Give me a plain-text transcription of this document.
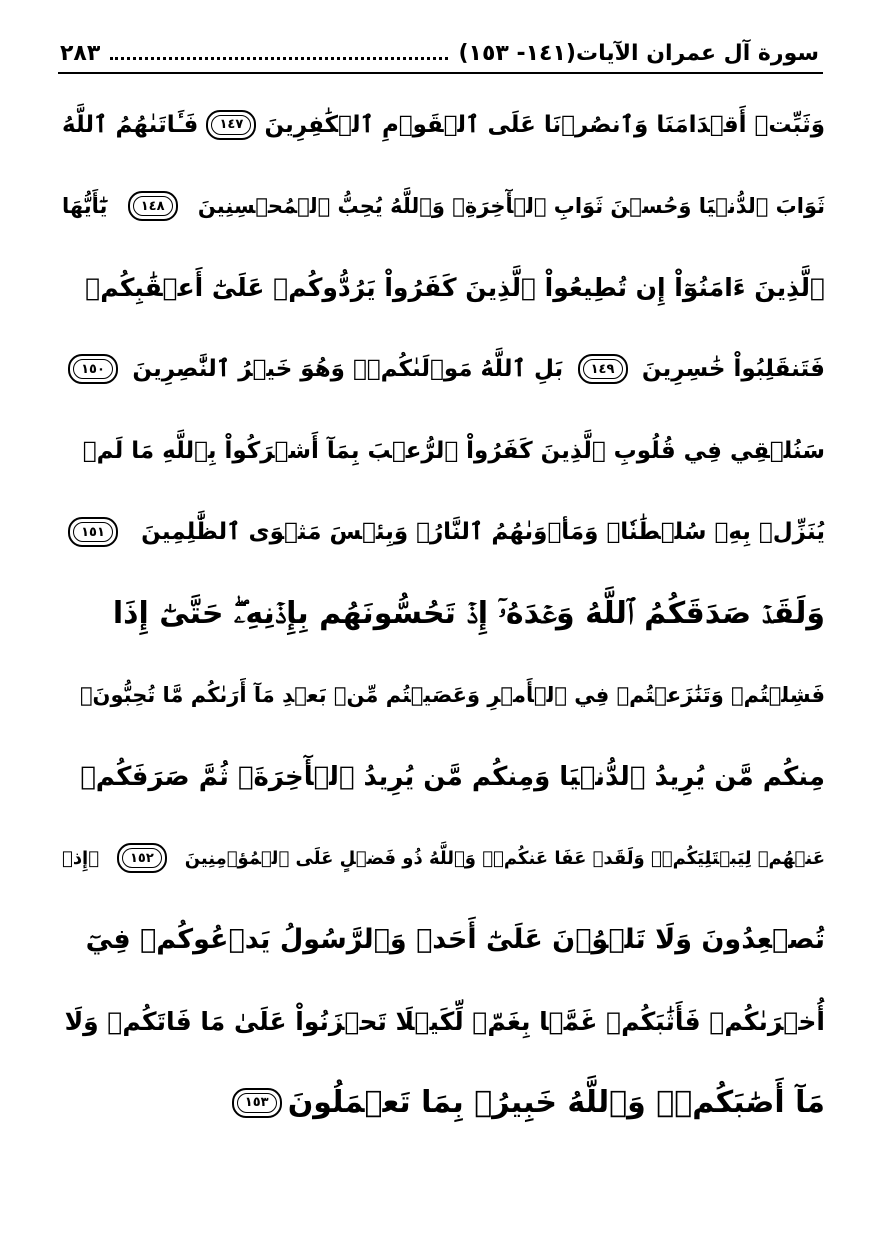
سورة آل عمران الآيات(١٤١- ١٥٣)
٢٨٣
وَثَبِّتۡ أَقۡدَامَنَا وَٱنصُرۡنَا عَلَى ٱلۡقَوۡمِ ٱلۡكَٰفِرِينَ
١٤٧
فَـَٔاتَىٰهُمُ ٱللَّهُ
ثَوَابَ ٱلدُّنۡيَا وَحُسۡنَ ثَوَابِ ٱلۡأٓخِرَةِۗ وَٱللَّهُ يُحِبُّ ٱلۡمُحۡسِنِينَ
١٤٨
يَٰٓأَيُّهَا
ٱلَّذِينَ ءَامَنُوٓاْ إِن تُطِيعُواْ ٱلَّذِينَ كَفَرُواْ يَرُدُّوكُمۡ عَلَىٰٓ أَعۡقَٰبِكُمۡ
فَتَنقَلِبُواْ خَٰسِرِينَ
١٤٩
بَلِ ٱللَّهُ مَوۡلَىٰكُمۡۖ وَهُوَ خَيۡرُ ٱلنَّٰصِرِينَ
١٥٠
سَنُلۡقِي فِي قُلُوبِ ٱلَّذِينَ كَفَرُواْ ٱلرُّعۡبَ بِمَآ أَشۡرَكُواْ بِٱللَّهِ مَا لَمۡ
يُنَزِّلۡ بِهِۦ سُلۡطَٰنٗاۖ وَمَأۡوَىٰهُمُ ٱلنَّارُۚ وَبِئۡسَ مَثۡوَى ٱلظَّٰلِمِينَ
١٥١
وَلَقَدۡ صَدَقَكُمُ ٱللَّهُ وَعۡدَهُۥٓ إِذۡ تَحُسُّونَهُم بِإِذۡنِهِۦۖ حَتَّىٰٓ إِذَا
فَشِلۡتُمۡ وَتَنَٰزَعۡتُمۡ فِي ٱلۡأَمۡرِ وَعَصَيۡتُم مِّنۢ بَعۡدِ مَآ أَرَىٰكُم مَّا تُحِبُّونَۚ
مِنكُم مَّن يُرِيدُ ٱلدُّنۡيَا وَمِنكُم مَّن يُرِيدُ ٱلۡأٓخِرَةَۚ ثُمَّ صَرَفَكُمۡ
عَنۡهُمۡ لِيَبۡتَلِيَكُمۡۖ وَلَقَدۡ عَفَا عَنكُمۡۗ وَٱللَّهُ ذُو فَضۡلٍ عَلَى ٱلۡمُؤۡمِنِينَ
١٥٢
۞إِذۡ
تُصۡعِدُونَ وَلَا تَلۡوُۥنَ عَلَىٰٓ أَحَدٖ وَٱلرَّسُولُ يَدۡعُوكُمۡ فِيٓ
أُخۡرَىٰكُمۡ فَأَثَٰبَكُمۡ غَمَّۢا بِغَمّٖ لِّكَيۡلَا تَحۡزَنُواْ عَلَىٰ مَا فَاتَكُمۡ وَلَا
مَآ أَصَٰبَكُمۡۗ وَٱللَّهُ خَبِيرُۢ بِمَا تَعۡمَلُونَ
١٥٣
